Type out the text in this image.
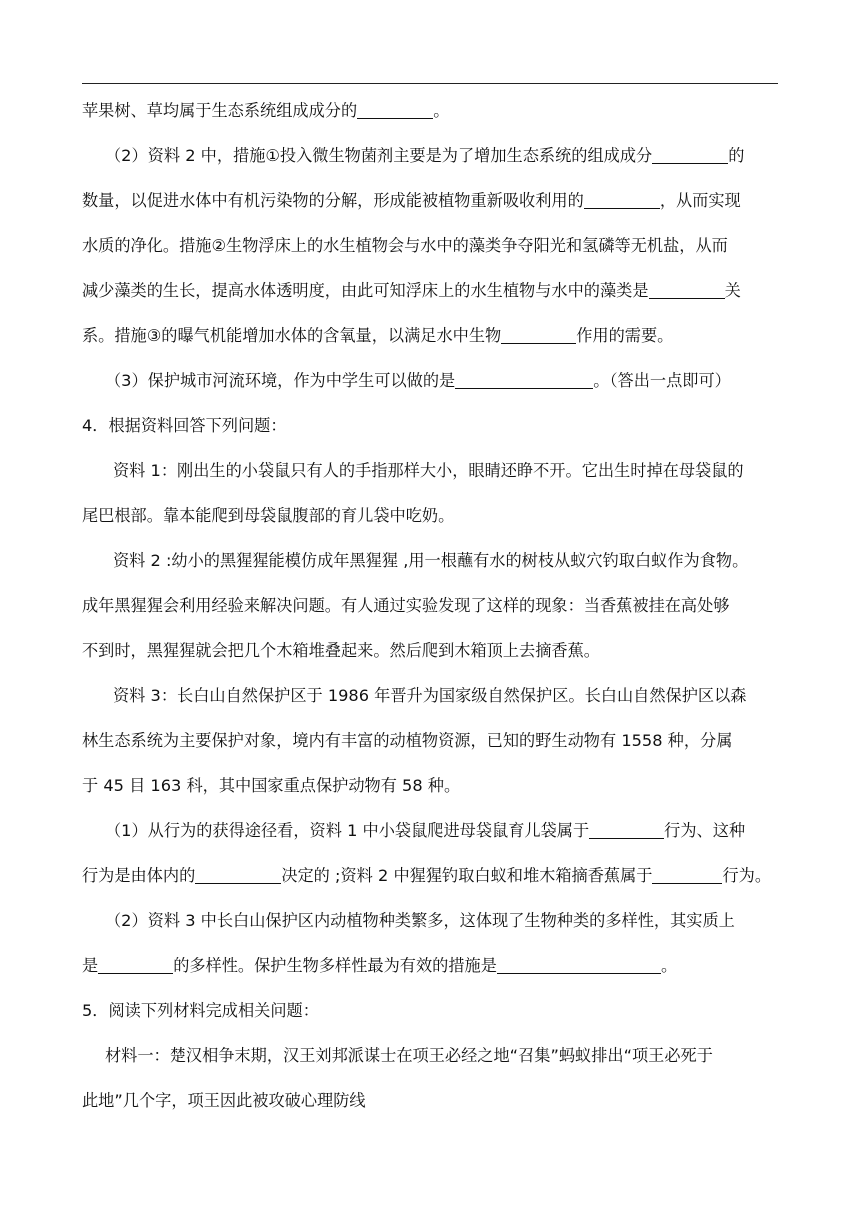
苹果树、草均属于生态系统组成成分的	。
（2）资料 2 中，措施①投入微生物菌剂主要是为了增加生态系统的组成成分	的
数量，以促进水体中有机污染物的分解，形成能被植物重新吸收利用的	，从而实现
水质的净化。措施②生物浮床上的水生植物会与水中的藻类争夺阳光和氢磷等无机盐，从而
减少藻类的生长，提高水体透明度，由此可知浮床上的水生植物与水中的藻类是	关
系。措施③的曝气机能增加水体的含氧量，以满足水中生物	作用的需要。
（3）保护城市河流环境，作为中学生可以做的是	。（答出一点即可）
4．根据资料回答下列问题：
资料 1：刚出生的小袋鼠只有人的手指那样大小，眼睛还睁不开。它出生时掉在母袋鼠的
尾巴根部。靠本能爬到母袋鼠腹部的育儿袋中吃奶。
资料 2 :幼小的黑猩猩能模仿成年黑猩猩 ,用一根蘸有水的树枝从蚁穴钓取白蚁作为食物。
成年黑猩猩会利用经验来解决问题。有人通过实验发现了这样的现象：当香蕉被挂在高处够
不到时，黑猩猩就会把几个木箱堆叠起来。然后爬到木箱顶上去摘香蕉。
资料 3：长白山自然保护区于 1986 年晋升为国家级自然保护区。长白山自然保护区以森
林生态系统为主要保护对象，境内有丰富的动植物资源，已知的野生动物有 1558 种，分属
于 45 目 163 科，其中国家重点保护动物有 58 种。
（1）从行为的获得途径看，资料 1 中小袋鼠爬进母袋鼠育儿袋属于	行为、这种
行为是由体内的	决定的 ;资料 2 中猩猩钓取白蚁和堆木箱摘香蕉属于	行为。
（2）资料 3 中长白山保护区内动植物种类繁多，这体现了生物种类的多样性，其实质上
是	的多样性。保护生物多样性最为有效的措施是	。
5．阅读下列材料完成相关问题：
材料一：楚汉相争末期，汉王刘邦派谋士在项王必经之地“召集”蚂蚁排出“项王必死于
此地”几个字，项王因此被攻破心理防线
